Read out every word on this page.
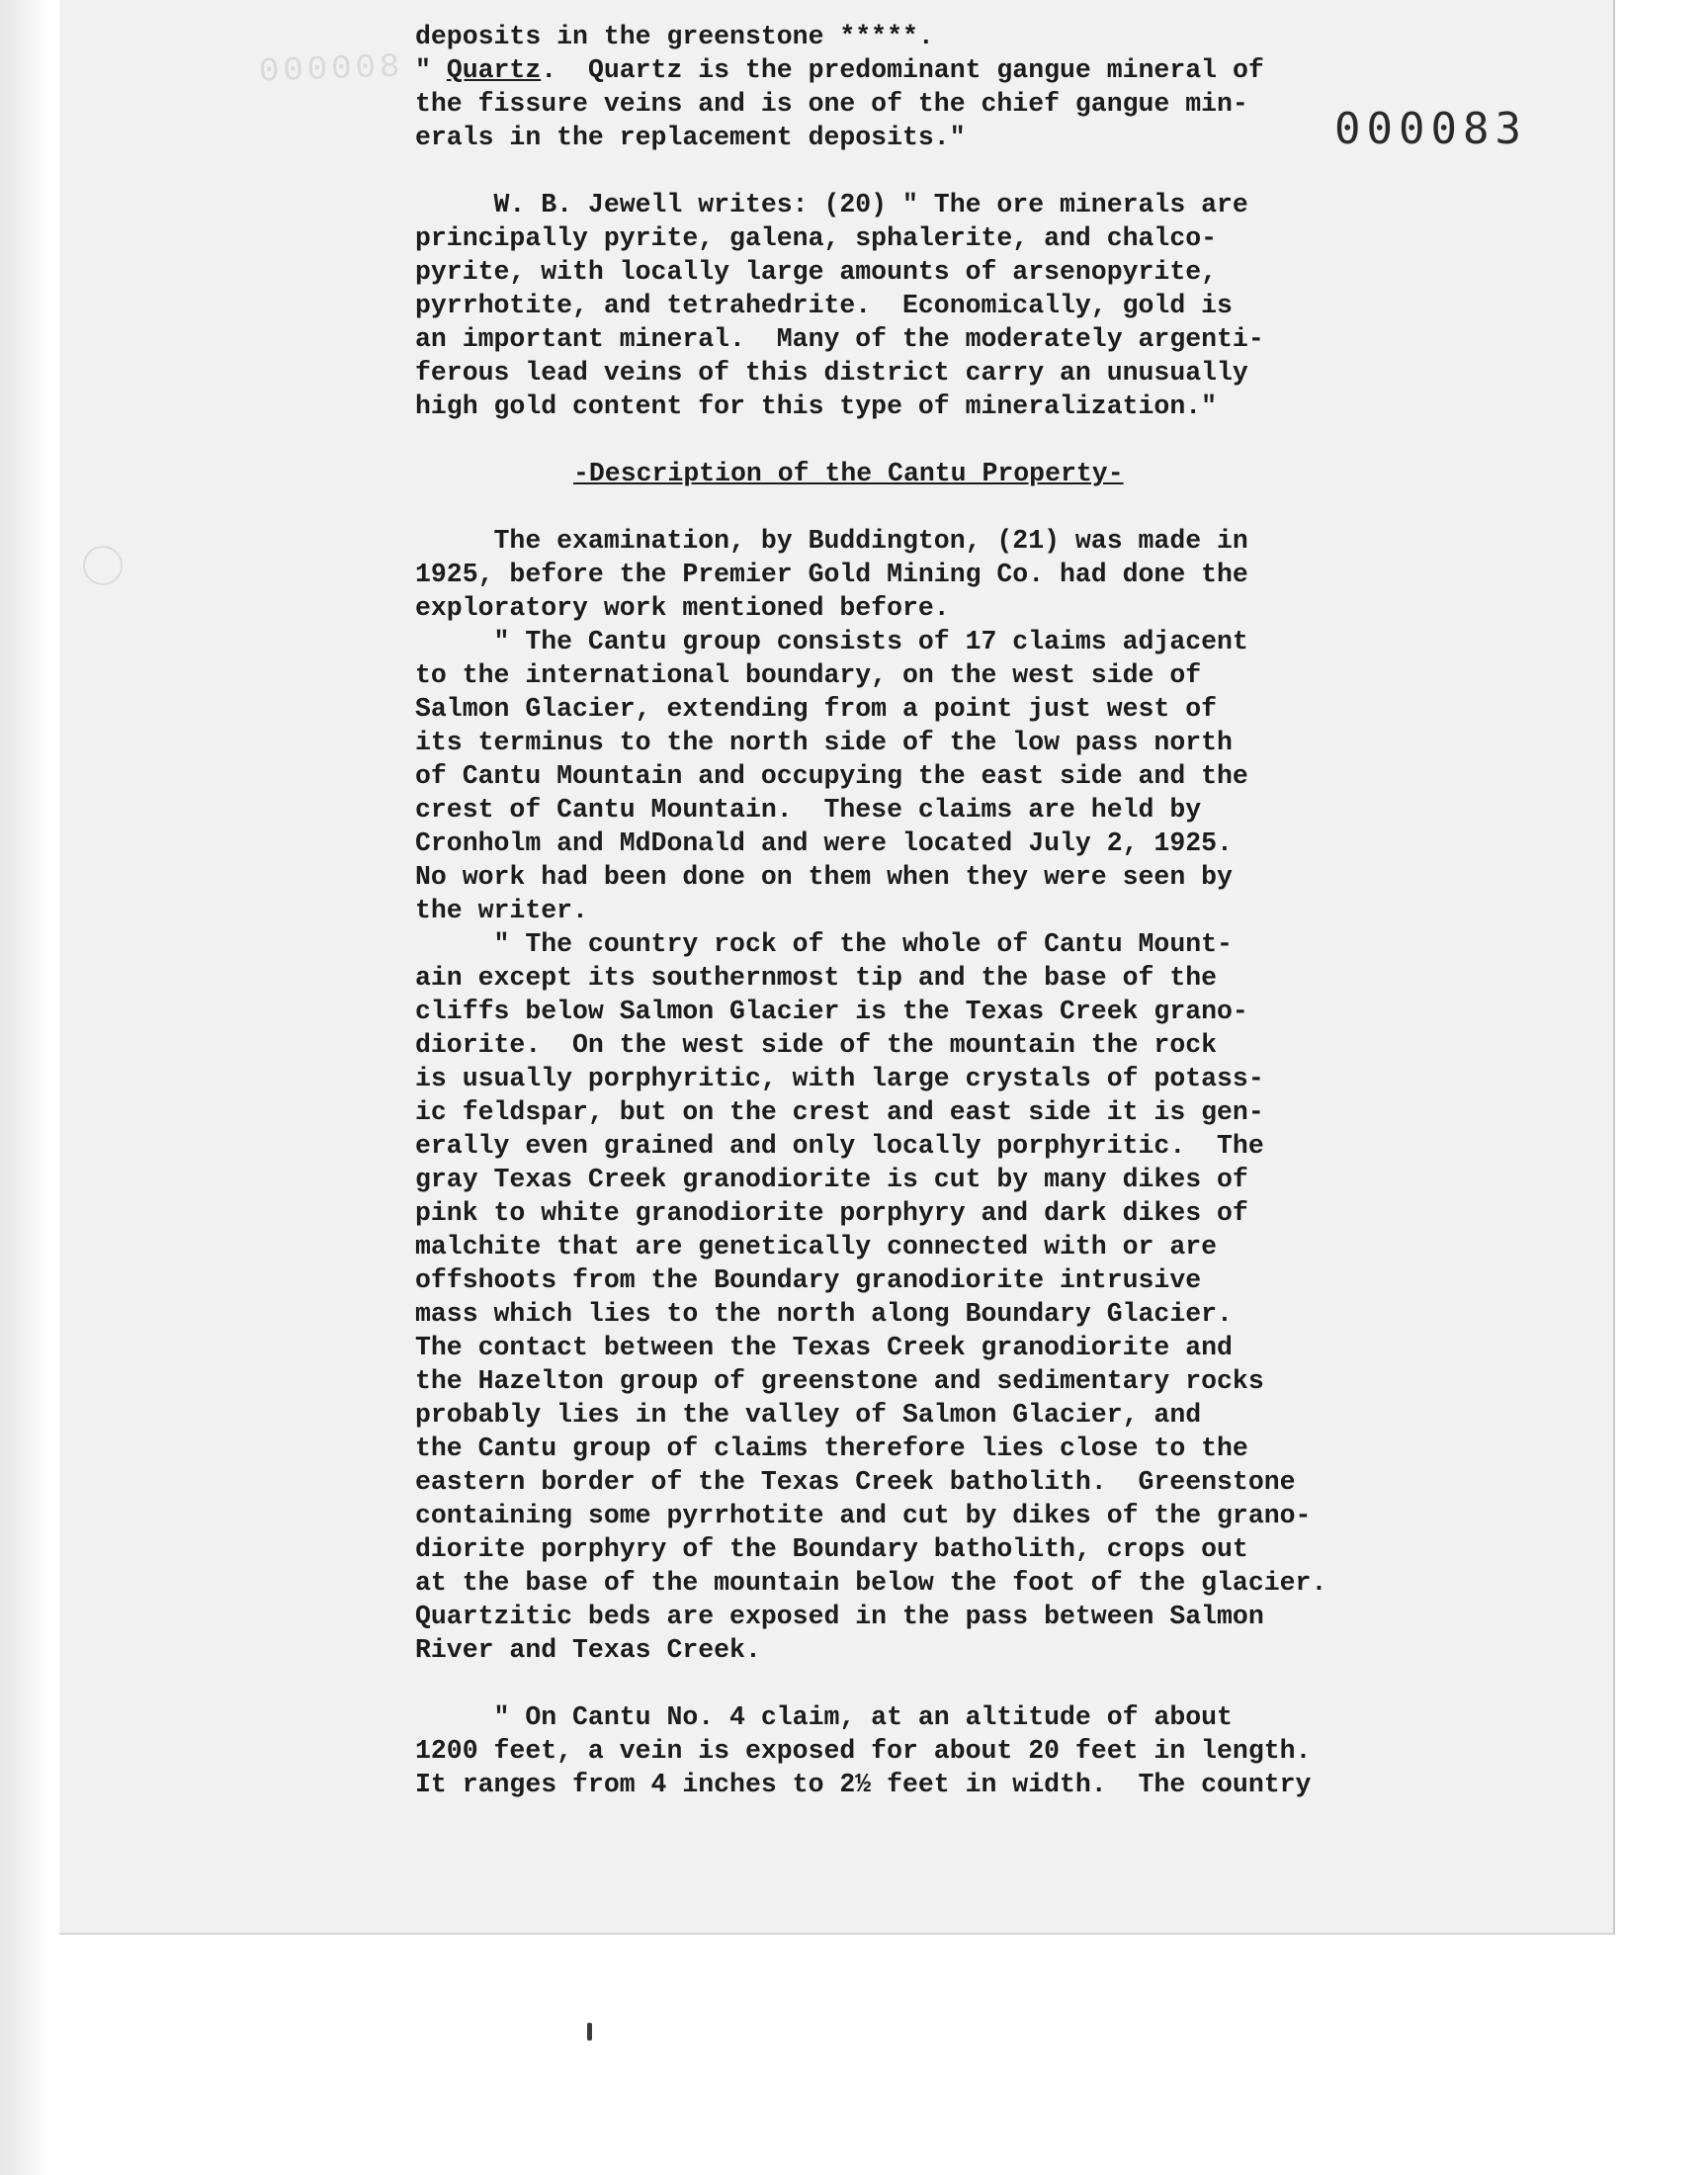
000008
000083
deposits in the greenstone *****.
" Quartz.  Quartz is the predominant gangue mineral of
the fissure veins and is one of the chief gangue min-
erals in the replacement deposits."
W. B. Jewell writes: (20) " The ore minerals are
principally pyrite, galena, sphalerite, and chalco-
pyrite, with locally large amounts of arsenopyrite,
pyrrhotite, and tetrahedrite.  Economically, gold is
an important mineral.  Many of the moderately argenti-
ferous lead veins of this district carry an unusually
high gold content for this type of mineralization."
-Description of the Cantu Property-
The examination, by Buddington, (21) was made in
1925, before the Premier Gold Mining Co. had done the
exploratory work mentioned before.
" The Cantu group consists of 17 claims adjacent
to the international boundary, on the west side of
Salmon Glacier, extending from a point just west of
its terminus to the north side of the low pass north
of Cantu Mountain and occupying the east side and the
crest of Cantu Mountain.  These claims are held by
Cronholm and MdDonald and were located July 2, 1925.
No work had been done on them when they were seen by
the writer.
" The country rock of the whole of Cantu Mount-
ain except its southernmost tip and the base of the
cliffs below Salmon Glacier is the Texas Creek grano-
diorite.  On the west side of the mountain the rock
is usually porphyritic, with large crystals of potass-
ic feldspar, but on the crest and east side it is gen-
erally even grained and only locally porphyritic.  The
gray Texas Creek granodiorite is cut by many dikes of
pink to white granodiorite porphyry and dark dikes of
malchite that are genetically connected with or are
offshoots from the Boundary granodiorite intrusive
mass which lies to the north along Boundary Glacier.
The contact between the Texas Creek granodiorite and
the Hazelton group of greenstone and sedimentary rocks
probably lies in the valley of Salmon Glacier, and
the Cantu group of claims therefore lies close to the
eastern border of the Texas Creek batholith.  Greenstone
containing some pyrrhotite and cut by dikes of the grano-
diorite porphyry of the Boundary batholith, crops out
at the base of the mountain below the foot of the glacier.
Quartzitic beds are exposed in the pass between Salmon
River and Texas Creek.
" On Cantu No. 4 claim, at an altitude of about
1200 feet, a vein is exposed for about 20 feet in length.
It ranges from 4 inches to 2½ feet in width.  The country
